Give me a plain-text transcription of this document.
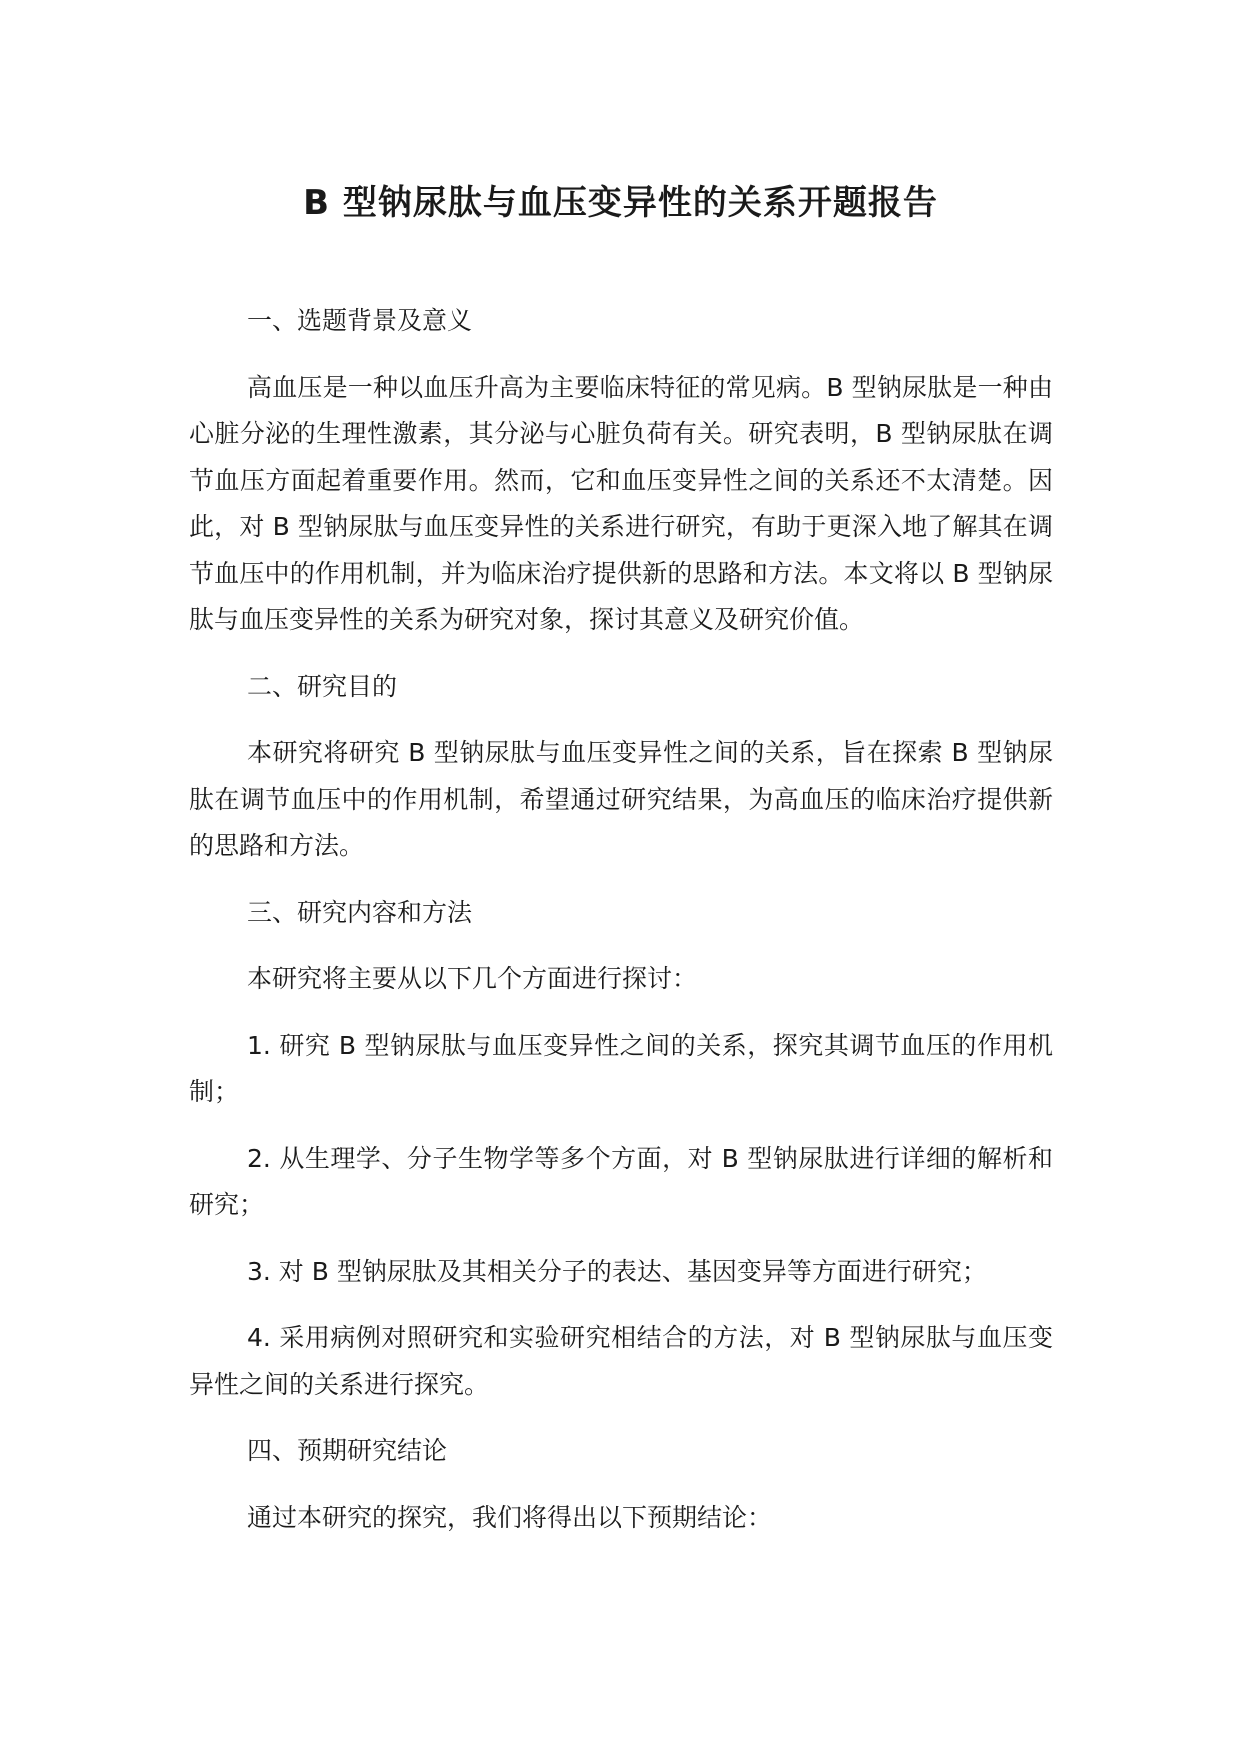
B 型钠尿肽与血压变异性的关系开题报告

一、选题背景及意义

高血压是一种以血压升高为主要临床特征的常见病。B 型钠尿肽是一种由心脏分泌的生理性激素，其分泌与心脏负荷有关。研究表明，B 型钠尿肽在调节血压方面起着重要作用。然而，它和血压变异性之间的关系还不太清楚。因此，对 B 型钠尿肽与血压变异性的关系进行研究，有助于更深入地了解其在调节血压中的作用机制，并为临床治疗提供新的思路和方法。本文将以 B 型钠尿肽与血压变异性的关系为研究对象，探讨其意义及研究价值。

二、研究目的

本研究将研究 B 型钠尿肽与血压变异性之间的关系，旨在探索 B 型钠尿肽在调节血压中的作用机制，希望通过研究结果，为高血压的临床治疗提供新的思路和方法。

三、研究内容和方法

本研究将主要从以下几个方面进行探讨：

1. 研究 B 型钠尿肽与血压变异性之间的关系，探究其调节血压的作用机制；

2. 从生理学、分子生物学等多个方面，对 B 型钠尿肽进行详细的解析和研究；

3. 对 B 型钠尿肽及其相关分子的表达、基因变异等方面进行研究；

4. 采用病例对照研究和实验研究相结合的方法，对 B 型钠尿肽与血压变异性之间的关系进行探究。

四、预期研究结论

通过本研究的探究，我们将得出以下预期结论：
